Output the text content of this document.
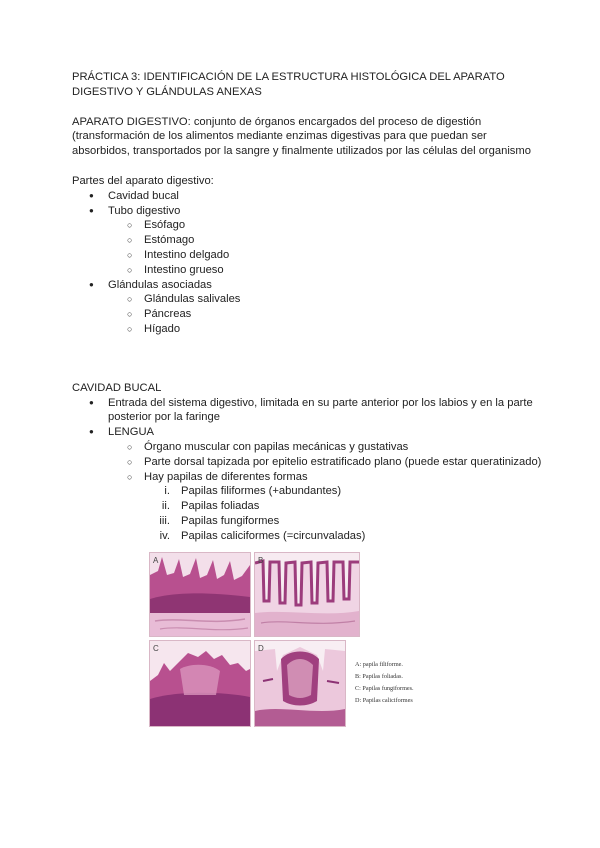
PRÁCTICA 3: IDENTIFICACIÓN DE LA ESTRUCTURA HISTOLÓGICA DEL APARATO DIGESTIVO Y GLÁNDULAS ANEXAS

APARATO DIGESTIVO: conjunto de órganos encargados del proceso de digestión (transformación de los alimentos mediante enzimas digestivas para que puedan ser absorbidos, transportados por la sangre y finalmente utilizados por las células del organismo

Partes del aparato digestivo:
● Cavidad bucal
● Tubo digestivo
○ Esófago
○ Estómago
○ Intestino delgado
○ Intestino grueso
● Glándulas asociadas
○ Glándulas salivales
○ Páncreas
○ Hígado
CAVIDAD BUCAL
● Entrada del sistema digestivo, limitada en su parte anterior por los labios y en la parte posterior por la faringe
● LENGUA
○ Órgano muscular con papilas mecánicas y gustativas
○ Parte dorsal tapizada por epitelio estratificado plano (puede estar queratinizado)
○ Hay papilas de diferentes formas
i. Papilas filiformes (+abundantes)
ii. Papilas foliadas
iii. Papilas fungiformes
iv. Papilas caliciformes (=circunvaladas)
A	B
C	D
A: papila filiforme.
B: Papilas foliadas.
C: Papilas fungiformes.
D: Papilas caliciformes
